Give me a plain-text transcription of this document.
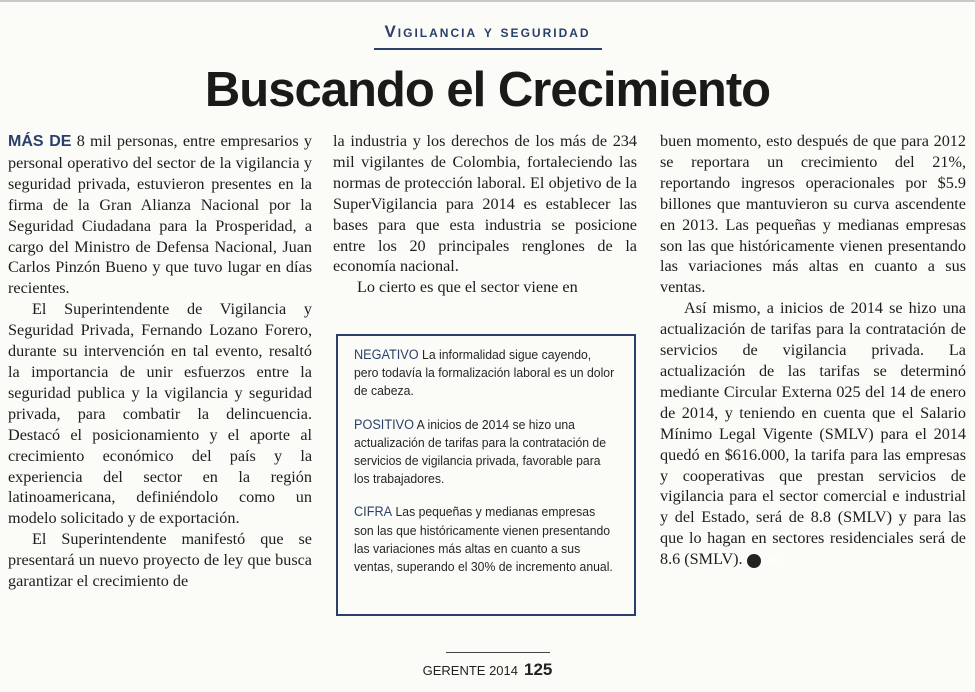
Vigilancia y seguridad
Buscando el Crecimiento

MÁS DE 8 mil personas, entre empresarios y personal operativo del sector de la vigilancia y seguridad privada, estuvieron presentes en la firma de la Gran Alianza Nacional por la Seguridad Ciudadana para la Prosperidad, a cargo del Ministro de Defensa Nacional, Juan Carlos Pinzón Bueno y que tuvo lugar en días recientes.

El Superintendente de Vigilancia y Seguridad Privada, Fernando Lozano Forero, durante su intervención en tal evento, resaltó la importancia de unir esfuerzos entre la seguridad publica y la vigilancia y seguridad privada, para combatir la delincuencia. Destacó el posicionamiento y el aporte al crecimiento económico del país y la experiencia del sector en la región latinoamericana, definiéndolo como un modelo solicitado y de exportación.

El Superintendente manifestó que se presentará un nuevo proyecto de ley que busca garantizar el crecimiento de

la industria y los derechos de los más de 234 mil vigilantes de Colombia, fortaleciendo las normas de protección laboral. El objetivo de la SuperVigilancia para 2014 es establecer las bases para que esta industria se posicione entre los 20 principales renglones de la economía nacional.

Lo cierto es que el sector viene en

NEGATIVO La informalidad sigue cayendo, pero todavía la formalización laboral es un dolor de cabeza.
POSITIVO A inicios de 2014 se hizo una actualización de tarifas para la contratación de servicios de vigilancia privada, favorable para los trabajadores.
CIFRA Las pequeñas y medianas empresas son las que históricamente vienen presentando las variaciones más altas en cuanto a sus ventas, superando el 30% de incremento anual.

buen momento, esto después de que para 2012 se reportara un crecimiento del 21%, reportando ingresos operacionales por $5.9 billones que mantuvieron su curva ascendente en 2013. Las pequeñas y medianas empresas son las que históricamente vienen presentando las variaciones más altas en cuanto a sus ventas.

Así mismo, a inicios de 2014 se hizo una actualización de tarifas para la contratación de servicios de vigilancia privada. La actualización de las tarifas se determinó mediante Circular Externa 025 del 14 de enero de 2014, y teniendo en cuenta que el Salario Mínimo Legal Vigente (SMLV) para el 2014 quedó en $616.000, la tarifa para las empresas y cooperativas que prestan servicios de vigilancia para el sector comercial e industrial y del Estado, será de 8.8 (SMLV) y para las que lo hagan en sectores residenciales será de 8.6 (SMLV).	G

GERENTE 2014 125
